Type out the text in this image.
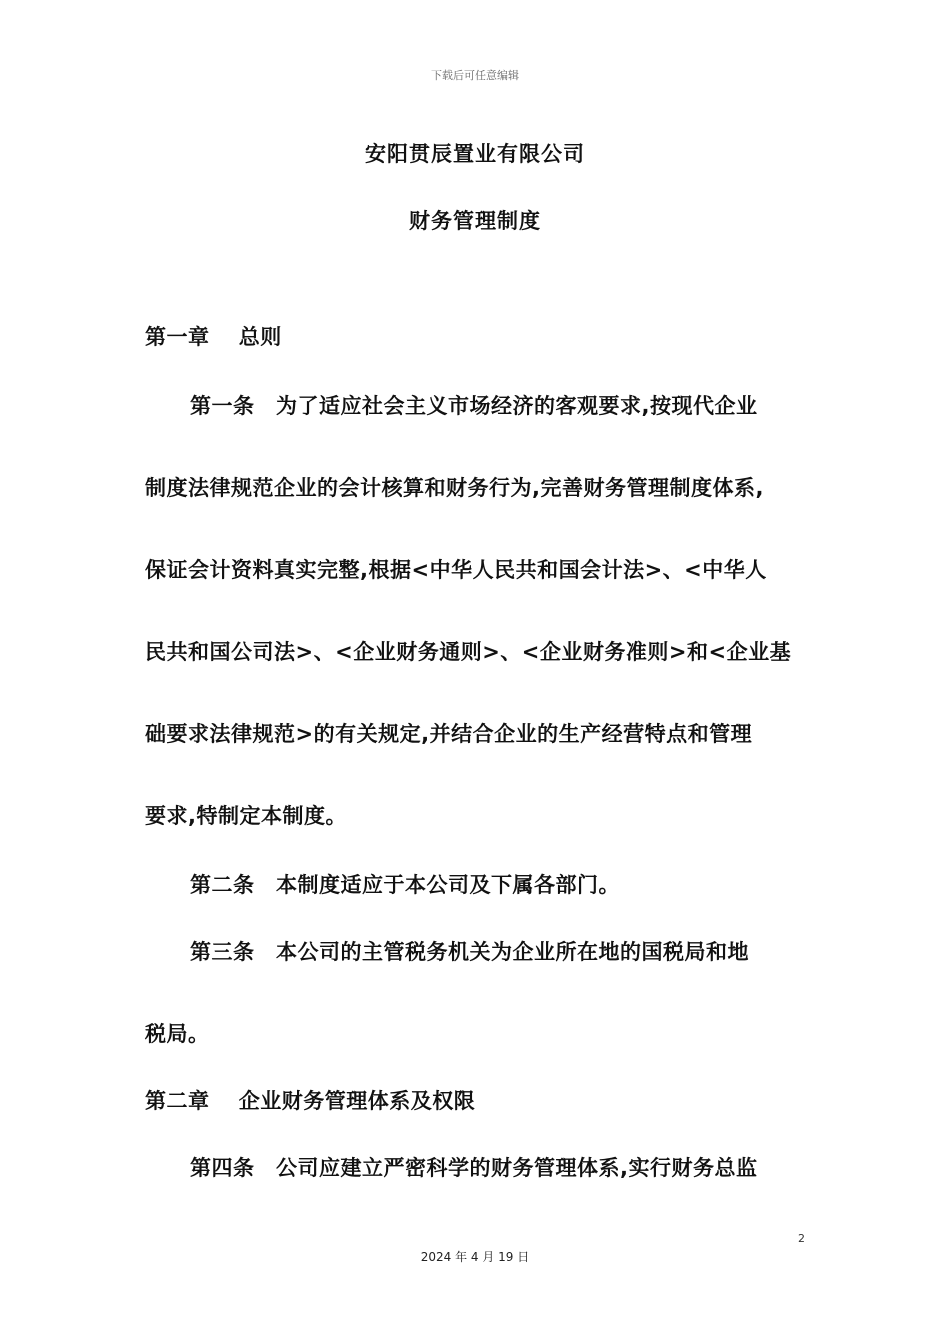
下载后可任意编辑
安阳贯辰置业有限公司
财务管理制度
第一章　 总则
第一条　为了适应社会主义市场经济的客观要求,按现代企业
制度法律规范企业的会计核算和财务行为,完善财务管理制度体系,
保证会计资料真实完整,根据<中华人民共和国会计法>、<中华人
民共和国公司法>、<企业财务通则>、<企业财务准则>和<企业基
础要求法律规范>的有关规定,并结合企业的生产经营特点和管理
要求,特制定本制度。
第二条　本制度适应于本公司及下属各部门。
第三条　本公司的主管税务机关为企业所在地的国税局和地
税局。
第二章　 企业财务管理体系及权限
第四条　公司应建立严密科学的财务管理体系,实行财务总监
2
2024 年 4 月 19 日
